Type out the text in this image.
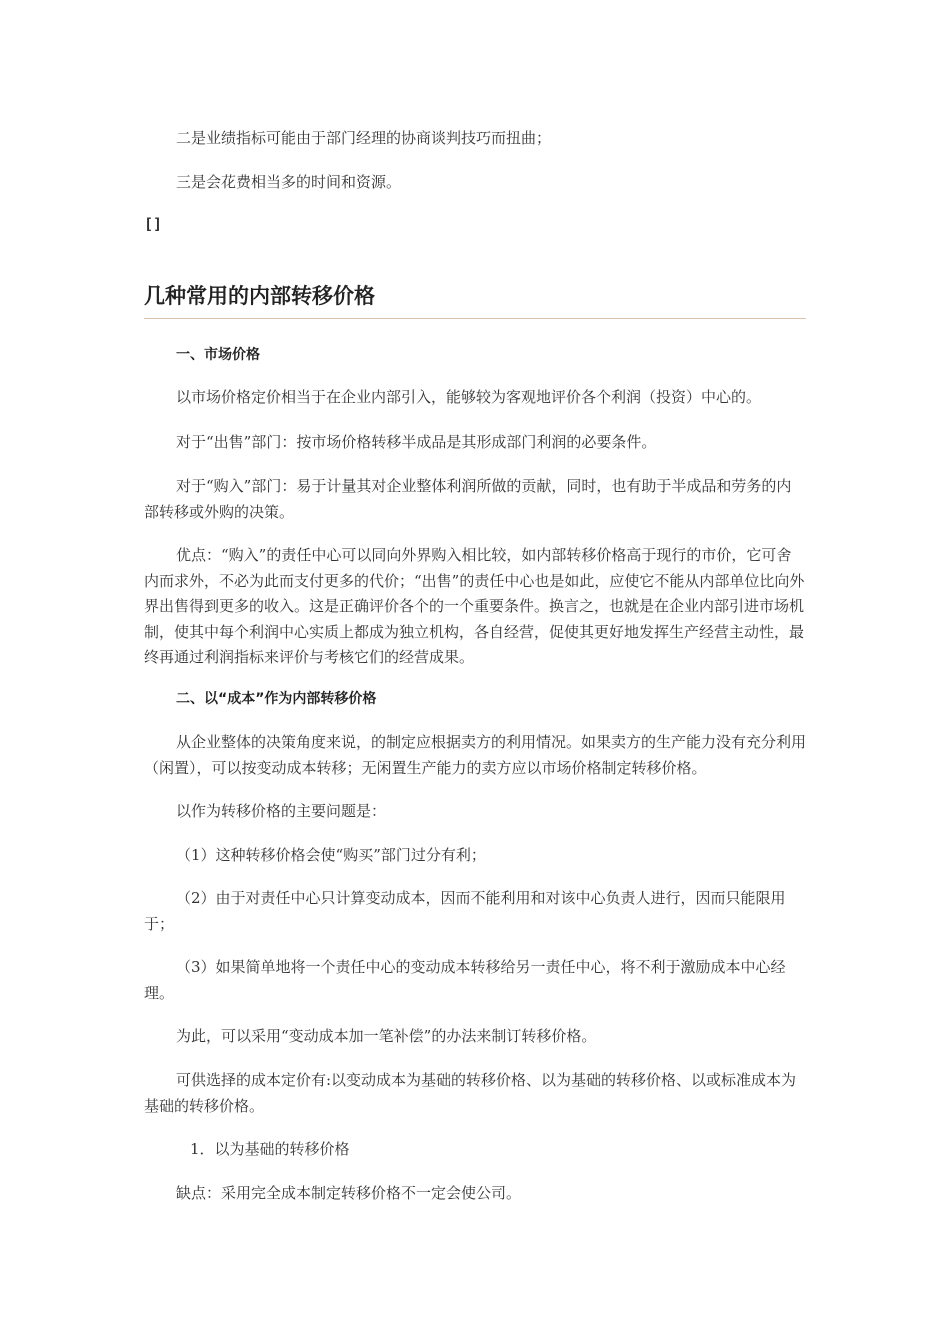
二是业绩指标可能由于部门经理的协商谈判技巧而扭曲；

三是会花费相当多的时间和资源。

[]

几种常用的内部转移价格

一、市场价格

以市场价格定价相当于在企业内部引入，能够较为客观地评价各个利润（投资）中心的。

对于“出售”部门：按市场价格转移半成品是其形成部门利润的必要条件。

对于“购入”部门：易于计量其对企业整体利润所做的贡献，同时，也有助于半成品和劳务的内部转移或外购的决策。

优点：“购入”的责任中心可以同向外界购入相比较，如内部转移价格高于现行的市价，它可舍内而求外，不必为此而支付更多的代价；“出售”的责任中心也是如此，应使它不能从内部单位比向外界出售得到更多的收入。这是正确评价各个的一个重要条件。换言之，也就是在企业内部引进市场机制，使其中每个利润中心实质上都成为独立机构，各自经营，促使其更好地发挥生产经营主动性，最终再通过利润指标来评价与考核它们的经营成果。

二、以“成本”作为内部转移价格

从企业整体的决策角度来说，的制定应根据卖方的利用情况。如果卖方的生产能力没有充分利用（闲置），可以按变动成本转移；无闲置生产能力的卖方应以市场价格制定转移价格。

以作为转移价格的主要问题是：

（1）这种转移价格会使“购买”部门过分有利；

（2）由于对责任中心只计算变动成本，因而不能利用和对该中心负责人进行，因而只能限用于；

（3）如果简单地将一个责任中心的变动成本转移给另一责任中心，将不利于激励成本中心经理。

为此，可以采用“变动成本加一笔补偿”的办法来制订转移价格。

可供选择的成本定价有:以变动成本为基础的转移价格、以为基础的转移价格、以或标准成本为基础的转移价格。

1．以为基础的转移价格

缺点：采用完全成本制定转移价格不一定会使公司。
